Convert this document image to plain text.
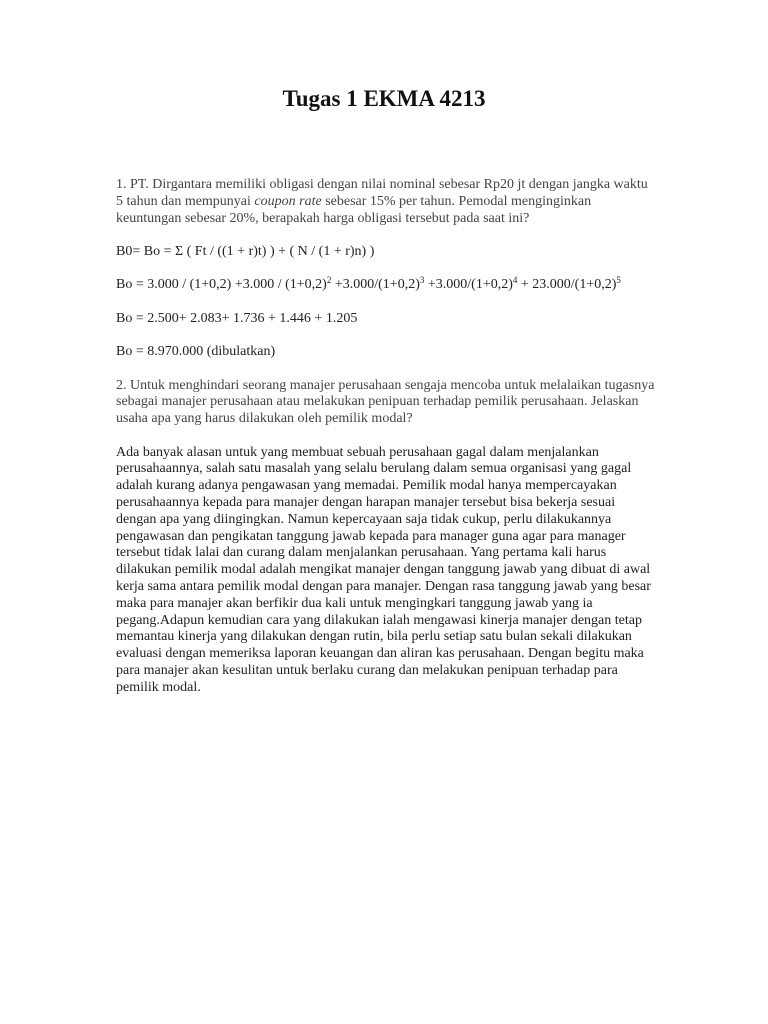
Tugas 1 EKMA 4213

1. PT. Dirgantara memiliki obligasi dengan nilai nominal sebesar Rp20 jt dengan jangka waktu 5 tahun dan mempunyai coupon rate sebesar 15% per tahun. Pemodal menginginkan keuntungan sebesar 20%, berapakah harga obligasi tersebut pada saat ini?

B0= Bo = Σ ( Ft / ((1 + r)t) ) + ( N / (1 + r)n) )

$Bo = 3.000 / (1+0,2) +3.000 / (1+0,2)^2 +3.000/(1+0,2)^3 +3.000/(1+0,2)^4 + 23.000/(1+0,2)^5$

Bo = 2.500+ 2.083+ 1.736 + 1.446 + 1.205

Bo = 8.970.000 (dibulatkan)

2. Untuk menghindari seorang manajer perusahaan sengaja mencoba untuk melalaikan tugasnya sebagai manajer perusahaan atau melakukan penipuan terhadap pemilik perusahaan. Jelaskan usaha apa yang harus dilakukan oleh pemilik modal?

Ada banyak alasan untuk yang membuat sebuah perusahaan gagal dalam menjalankan perusahaannya, salah satu masalah yang selalu berulang dalam semua organisasi yang gagal adalah kurang adanya pengawasan yang memadai. Pemilik modal hanya mempercayakan perusahaannya kepada para manajer dengan harapan manajer tersebut bisa bekerja sesuai dengan apa yang diingingkan. Namun kepercayaan saja tidak cukup, perlu dilakukannya pengawasan dan pengikatan tanggung jawab kepada para manager guna agar para manager tersebut tidak lalai dan curang dalam menjalankan perusahaan. Yang pertama kali harus dilakukan pemilik modal adalah mengikat manajer dengan tanggung jawab yang dibuat di awal kerja sama antara pemilik modal dengan para manajer. Dengan rasa tanggung jawab yang besar maka para manajer akan berfikir dua kali untuk mengingkari tanggung jawab yang ia pegang.Adapun kemudian cara yang dilakukan ialah mengawasi kinerja manajer dengan tetap memantau kinerja yang dilakukan dengan rutin, bila perlu setiap satu bulan sekali dilakukan evaluasi dengan memeriksa laporan keuangan dan aliran kas perusahaan. Dengan begitu maka para manajer akan kesulitan untuk berlaku curang dan melakukan penipuan terhadap para pemilik modal.
